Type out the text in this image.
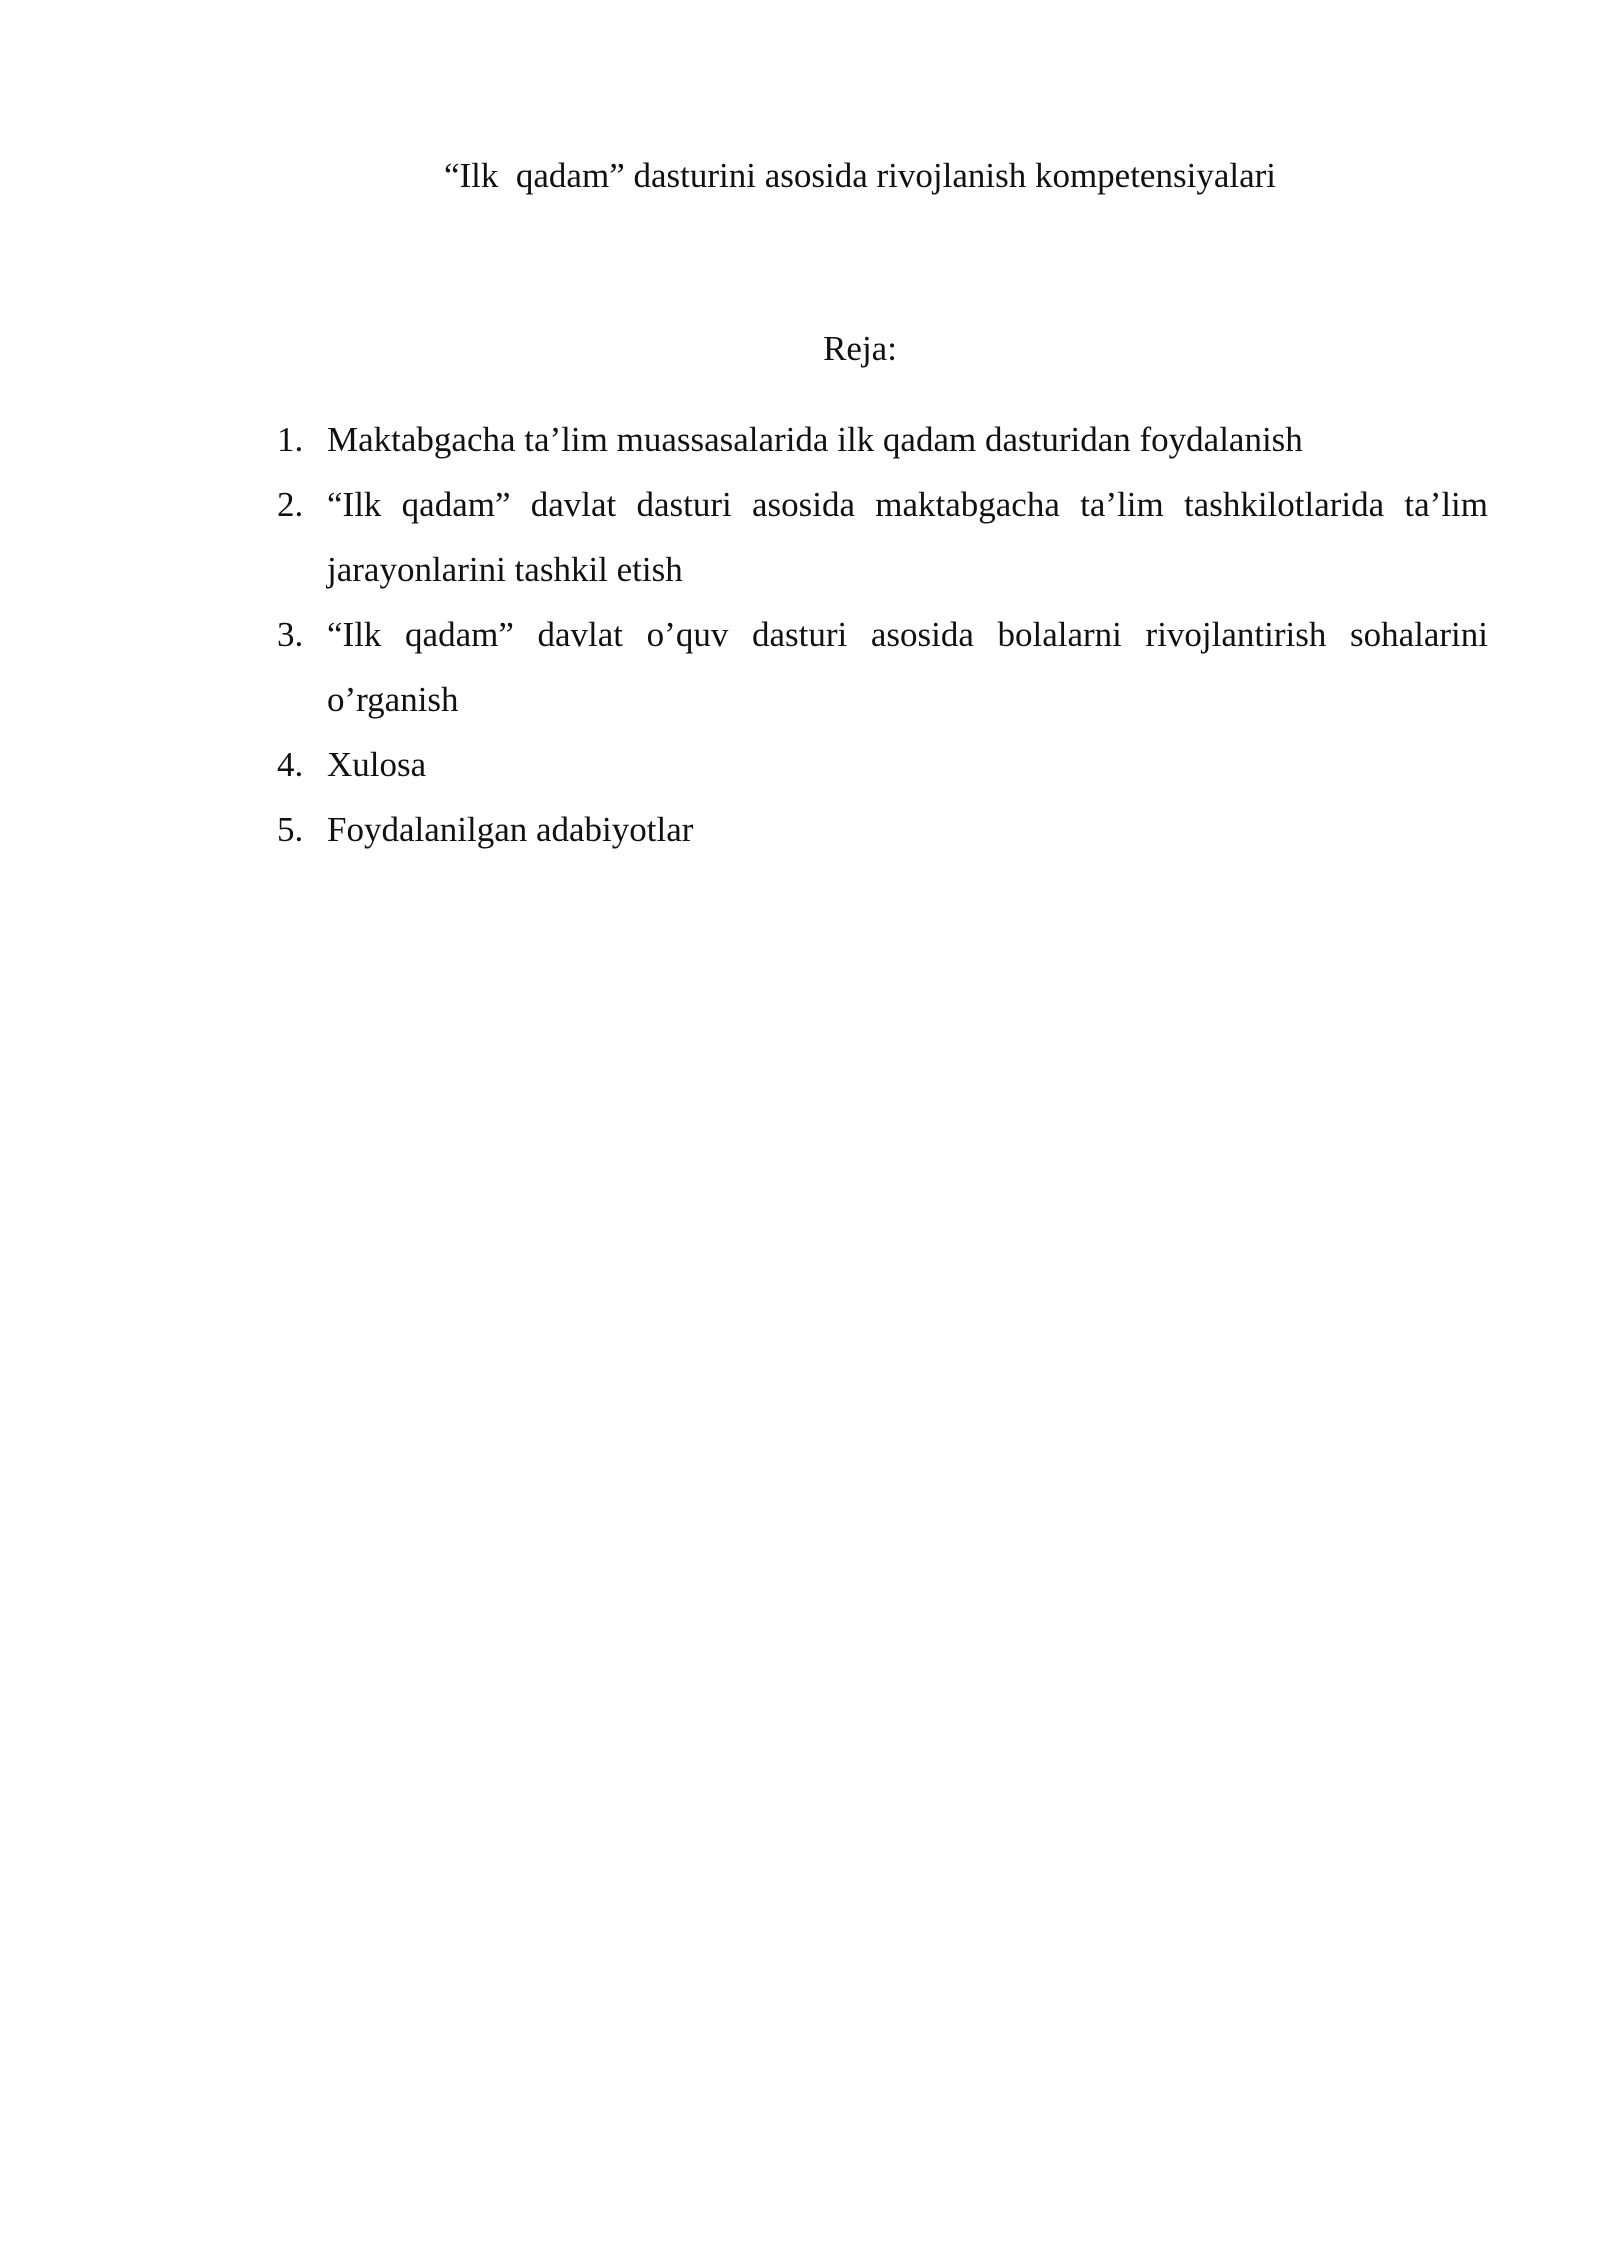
“Ilk  qadam” dasturini asosida rivojlanish kompetensiyalari
Reja:
1. Maktabgacha ta’lim muassasalarida ilk qadam dasturidan foydalanish
2. “Ilk qadam” davlat dasturi asosida maktabgacha ta’lim tashkilotlarida ta’lim jarayonlarini tashkil etish
3. “Ilk qadam” davlat o’quv dasturi asosida bolalarni rivojlantirish sohalarini o’rganish
4. Xulosa
5. Foydalanilgan adabiyotlar
